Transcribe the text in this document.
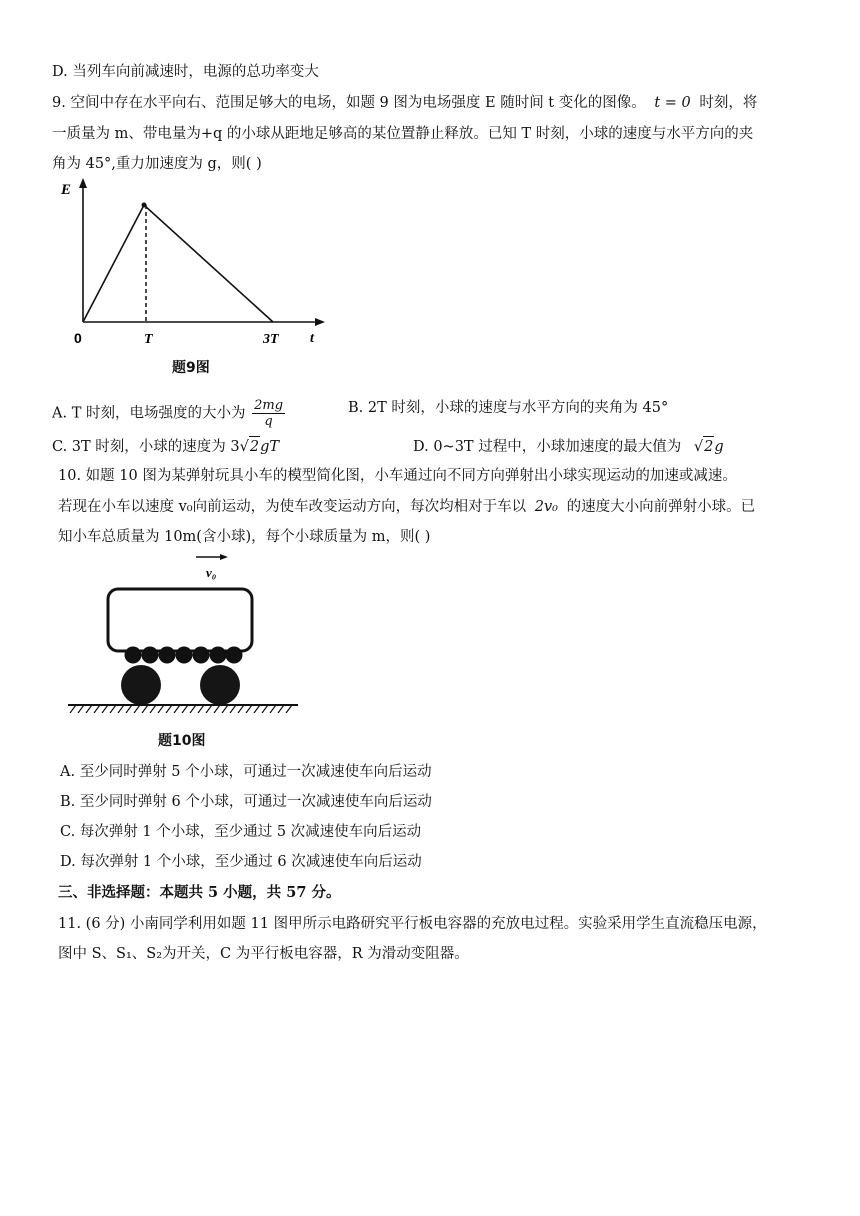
D. 当列车向前减速时，电源的总功率变大
9. 空间中存在水平向右、范围足够大的电场，如题 9 图为电场强度 E 随时间 t 变化的图像。 t = 0 时刻，将
一质量为 m、带电量为+q 的小球从距地足够高的某位置静止释放。已知 T 时刻，小球的速度与水平方向的夹
角为 45°,重力加速度为 g，则( )
E
t
0	T	3T
题9图
A. T 时刻，电场强度的大小为 $\frac{2mg}{q}$	B. 2T 时刻，小球的速度与水平方向的夹角为 45°
C. 3T 时刻，小球的速度为 3√2gT	D. 0~3T 过程中，小球加速度的最大值为 √2g
10. 如题 10 图为某弹射玩具小车的模型简化图，小车通过向不同方向弹射出小球实现运动的加速或减速。
若现在小车以速度 v₀向前运动，为使车改变运动方向，每次均相对于车以 2v₀ 的速度大小向前弹射小球。已
知小车总质量为 10m(含小球)，每个小球质量为 m，则( )
v₀
题10图
A. 至少同时弹射 5 个小球，可通过一次减速使车向后运动
B. 至少同时弹射 6 个小球，可通过一次减速使车向后运动
C. 每次弹射 1 个小球，至少通过 5 次减速使车向后运动
D. 每次弹射 1 个小球，至少通过 6 次减速使车向后运动
三、非选择题：本题共 5 小题，共 57 分。
11. (6 分) 小南同学利用如题 11 图甲所示电路研究平行板电容器的充放电过程。实验采用学生直流稳压电源，
图中 S、S₁、S₂为开关，C 为平行板电容器，R 为滑动变阻器。
